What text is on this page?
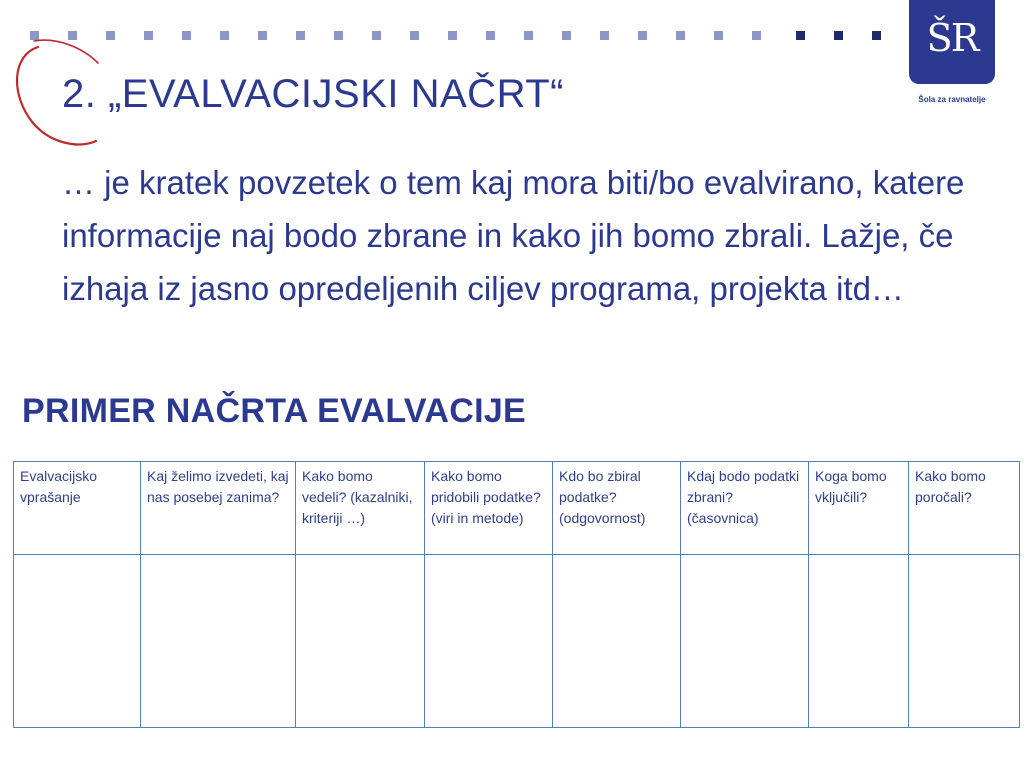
ŠR
Šola za ravnatelje
2. „EVALVACIJSKI NAČRT“
… je kratek povzetek o tem kaj mora biti/bo evalvirano, katere informacije naj bodo zbrane in kako jih bomo zbrali. Lažje, če izhaja iz jasno opredeljenih ciljev programa, projekta itd…
PRIMER NAČRTA EVALVACIJE
Evalvacijsko vprašanje	Kaj želimo izvedeti, kaj nas posebej zanima?	Kako bomo vedeli? (kazalniki, kriteriji …)	Kako bomo pridobili podatke? (viri in metode)	Kdo bo zbiral podatke? (odgovornost)	Kdaj bodo podatki zbrani? (časovnica)	Koga bomo vključili?	Kako bomo poročali?
